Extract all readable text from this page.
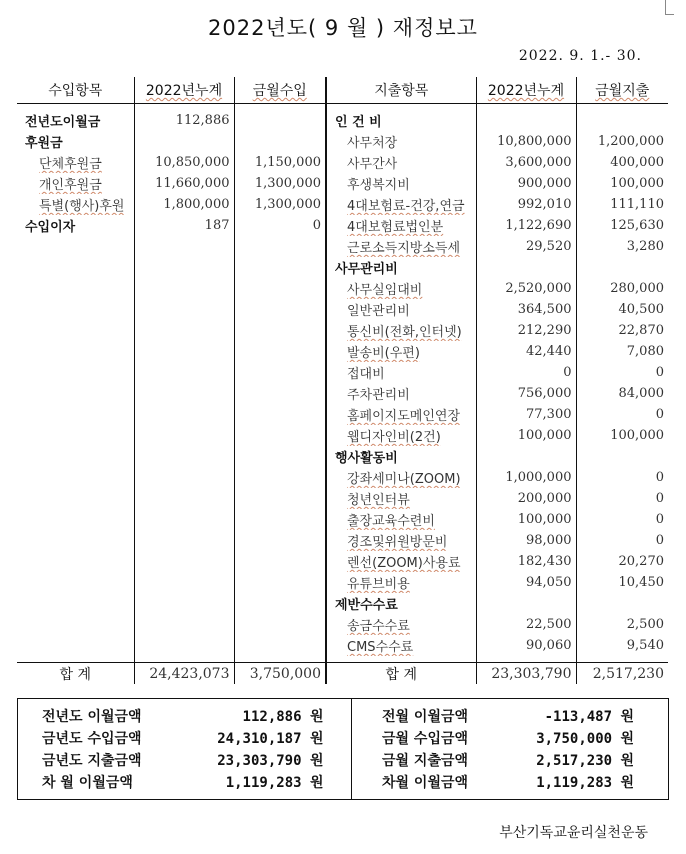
2022년도( 9 월 ) 재정보고
2022. 9. 1.- 30.
수입항목	2022년누계	금월수입	지출항목	2022년누계	금월지출

전년도이월금	112,886		인 건 비		
후원금			사무처장	10,800,000	1,200,000
단체후원금	10,850,000	1,150,000	사무간사	3,600,000	400,000
개인후원금	11,660,000	1,300,000	후생복지비	900,000	100,000
특별(행사)후원	1,800,000	1,300,000	4대보험료-건강,연금	992,010	111,110
수입이자	187	0	4대보험료법인분	1,122,690	125,630
			근로소득지방소득세	29,520	3,280
			사무관리비		
			사무실임대비	2,520,000	280,000
			일반관리비	364,500	40,500
			통신비(전화,인터넷)	212,290	22,870
			발송비(우편)	42,440	7,080
			접대비	0	0
			주차관리비	756,000	84,000
			홈페이지도메인연장	77,300	0
			웹디자인비(2건)	100,000	100,000
			행사활동비		
			강좌세미나(ZOOM)	1,000,000	0
			청년인터뷰	200,000	0
			출장교육수련비	100,000	0
			경조및위원방문비	98,000	0
			렌선(ZOOM)사용료	182,430	20,270
			유튜브비용	94,050	10,450
			제반수수료		
			송금수수료	22,500	2,500
			CMS수수료	90,060	9,540

합 계	24,423,073	3,750,000	합 계	23,303,790	2,517,230
전년도 이월금액	112,886 원		전월 이월금액	-113,487 원
금년도 수입금액	24,310,187 원		금월 수입금액	3,750,000 원
금년도 지출금액	23,303,790 원		금월 지출금액	2,517,230 원
차 월 이월금액	1,119,283 원		차월 이월금액	1,119,283 원
부산기독교윤리실천운동
